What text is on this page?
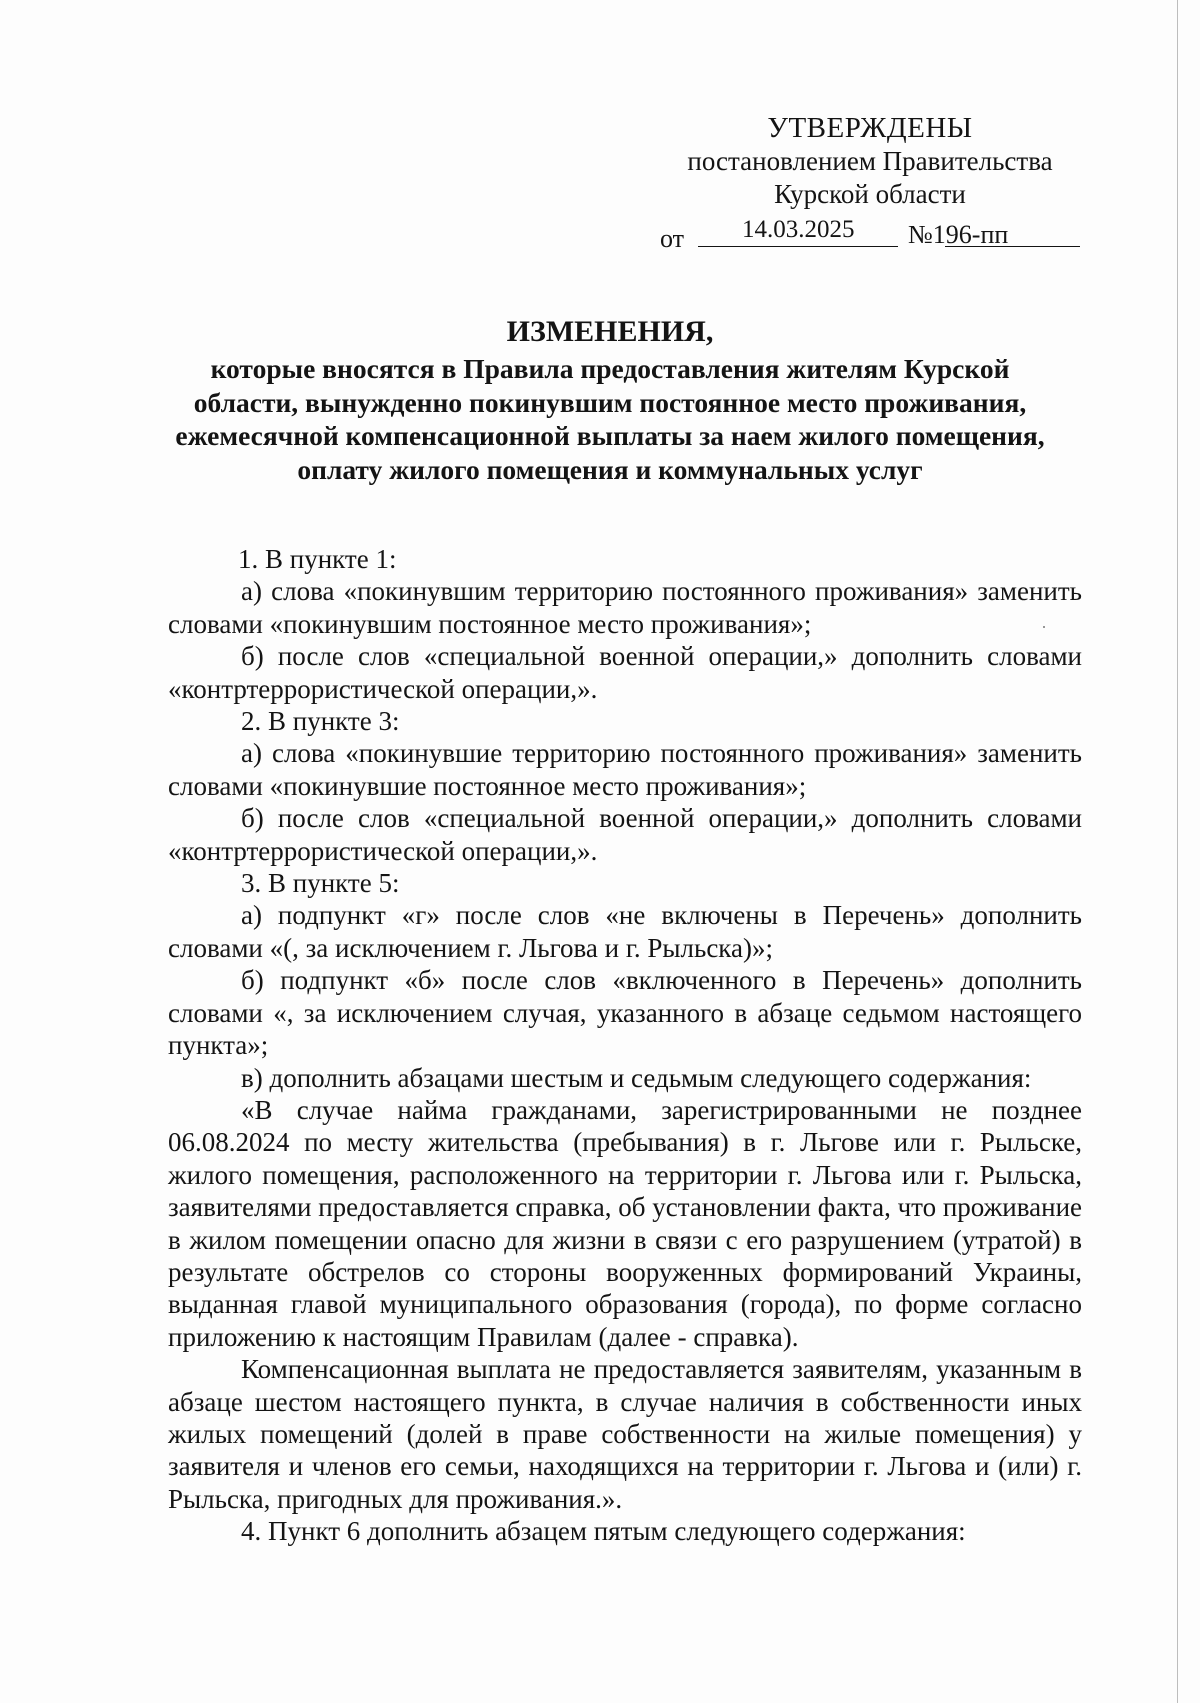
УТВЕРЖДЕНЫ
постановлением Правительства
Курской области
от 14.03.2025 №196-пп
ИЗМЕНЕНИЯ,
которые вносятся в Правила предоставления жителям Курской
области, вынужденно покинувшим постоянное место проживания,
ежемесячной компенсационной выплаты за наем жилого помещения,
оплату жилого помещения и коммунальных услуг

1. В пункте 1:

а) слова «покинувшим территорию постоянного проживания» заменить словами «покинувшим постоянное место проживания»;

б) после слов «специальной военной операции,» дополнить словами «контртеррористической операции,».

2. В пункте 3:

а) слова «покинувшие территорию постоянного проживания» заменить словами «покинувшие постоянное место проживания»;

б) после слов «специальной военной операции,» дополнить словами «контртеррористической операции,».

3. В пункте 5:

а) подпункт «г» после слов «не включены в Перечень» дополнить словами «(, за исключением г. Льгова и г. Рыльска)»;

б) подпункт «б» после слов «включенного в Перечень» дополнить словами «, за исключением случая, указанного в абзаце седьмом настоящего пункта»;

в) дополнить абзацами шестым и седьмым следующего содержания:

«В случае найма гражданами, зарегистрированными не позднее 06.08.2024 по месту жительства (пребывания) в г. Льгове или г. Рыльске, жилого помещения, расположенного на территории г. Льгова или г. Рыльска, заявителями предоставляется справка, об установлении факта, что проживание в жилом помещении опасно для жизни в связи с его разрушением (утратой) в результате обстрелов со стороны вооруженных формирований Украины, выданная главой муниципального образования (города), по форме согласно приложению к настоящим Правилам (далее - справка).

Компенсационная выплата не предоставляется заявителям, указанным в абзаце шестом настоящего пункта, в случае наличия в собственности иных жилых помещений (долей в праве собственности на жилые помещения) у заявителя и членов его семьи, находящихся на территории г. Льгова и (или) г. Рыльска, пригодных для проживания.».

4. Пункт 6 дополнить абзацем пятым следующего содержания:
